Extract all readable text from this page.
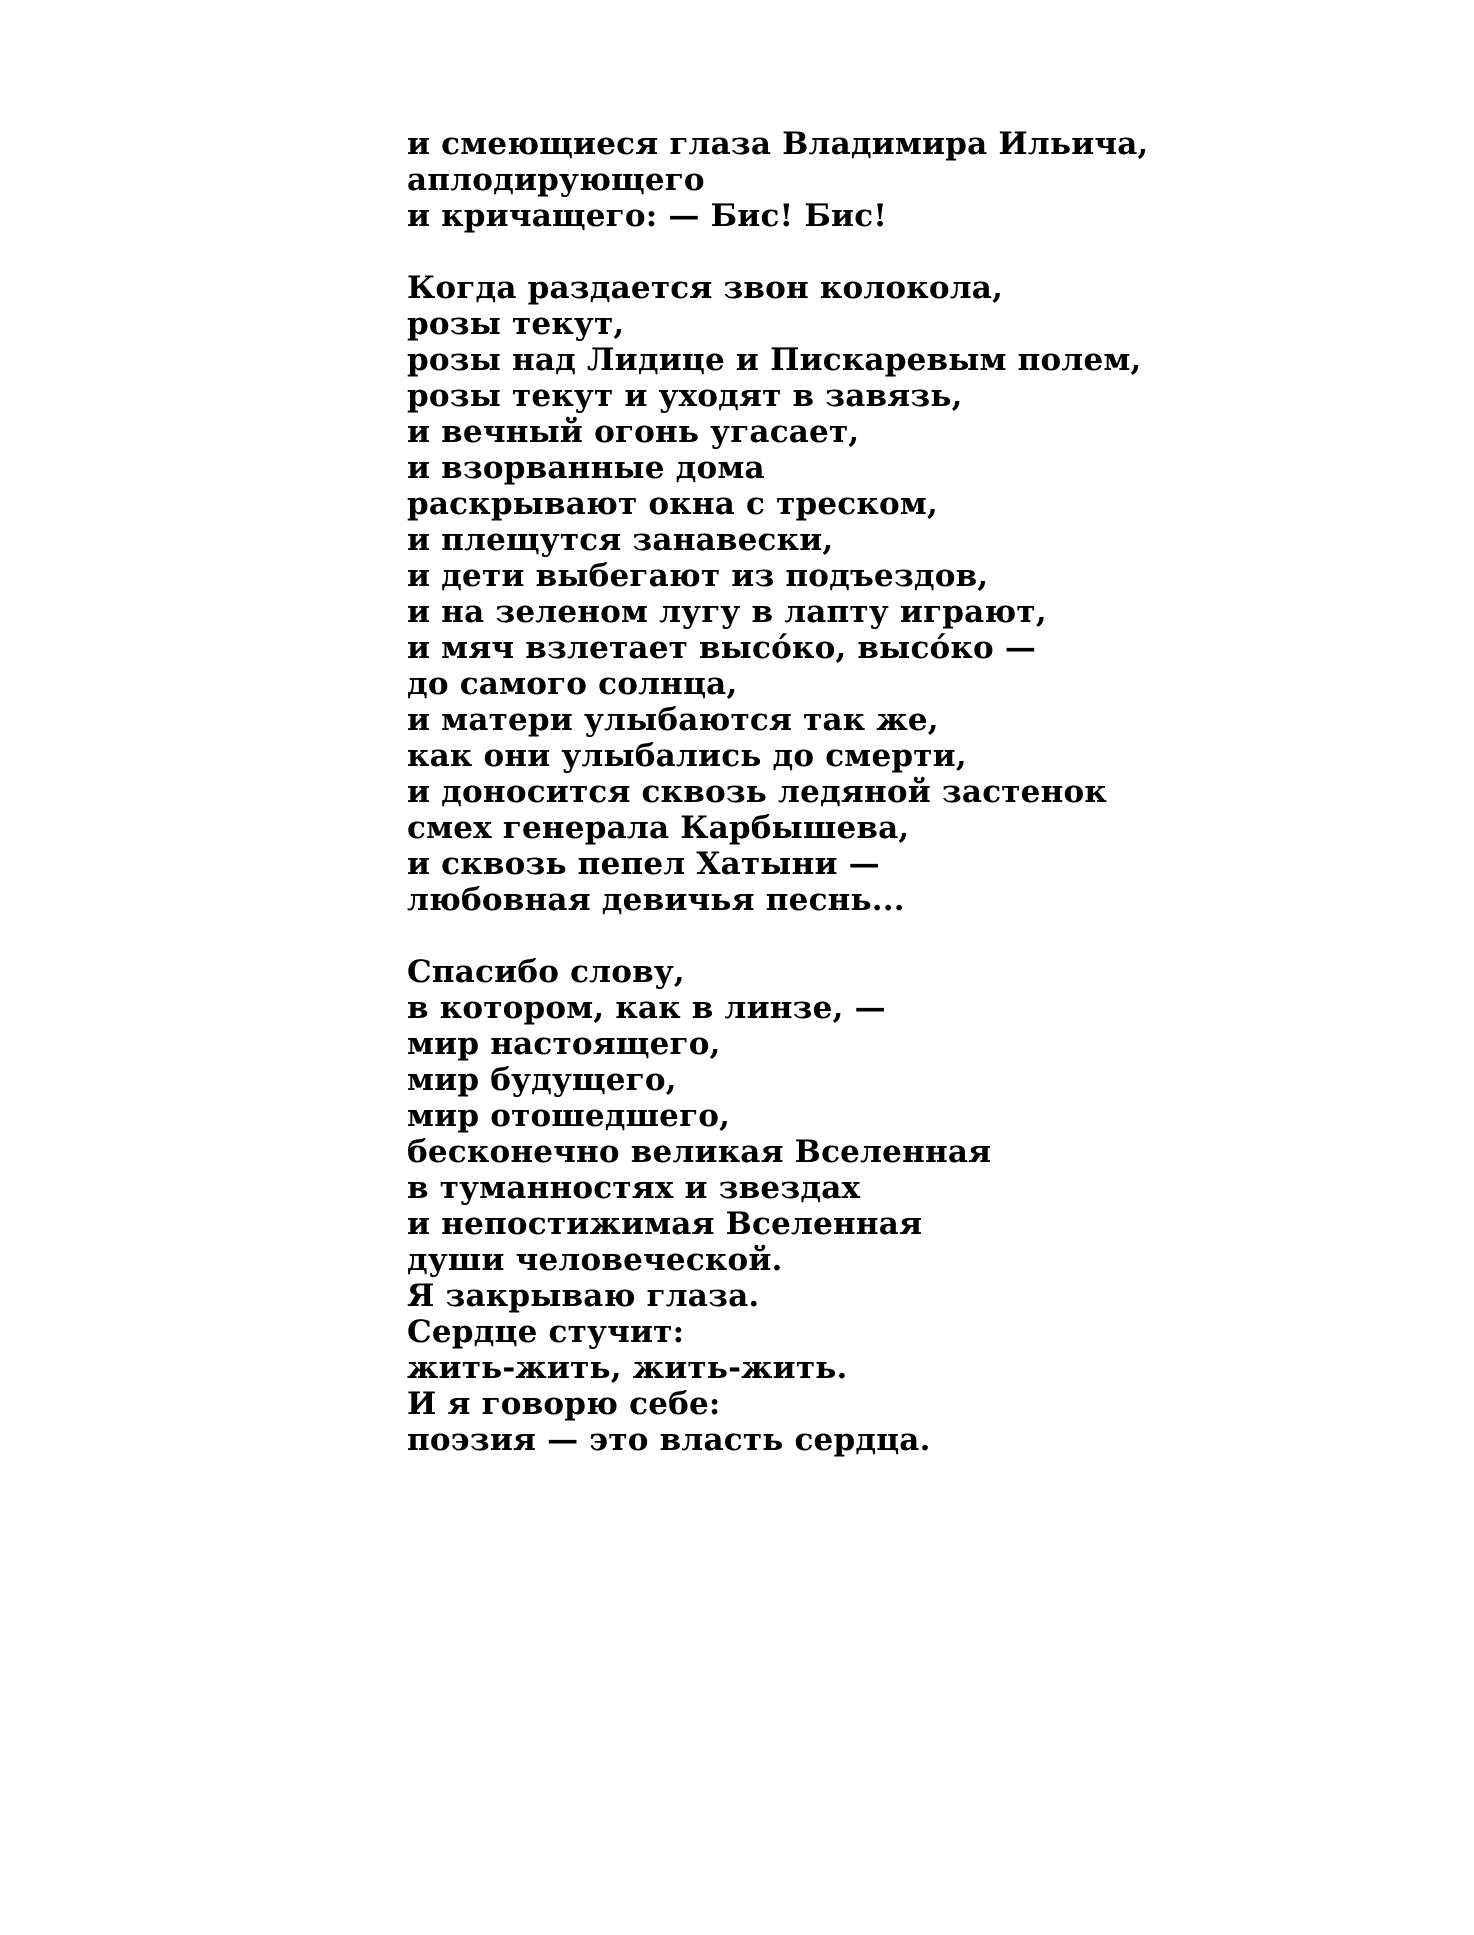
и смеющиеся глаза Владимира Ильича,
аплодирующего
и кричащего: — Бис! Бис!
Когда раздается звон колокола,
розы текут,
розы над Лидице и Пискаревым полем,
розы текут и уходят в завязь,
и вечный огонь угасает,
и взорванные дома
раскрывают окна с треском,
и плещутся занавески,
и дети выбегают из подъездов,
и на зеленом лугу в лапту играют,
и мяч взлетает высóко, высóко —
до самого солнца,
и матери улыбаются так же,
как они улыбались до смерти,
и доносится сквозь ледяной застенок
смех генерала Карбышева,
и сквозь пепел Хатыни —
любовная девичья песнь...
Спасибо слову,
в котором, как в линзе, —
мир настоящего,
мир будущего,
мир отошедшего,
бесконечно великая Вселенная
в туманностях и звездах
и непостижимая Вселенная
души человеческой.
Я закрываю глаза.
Сердце стучит:
жить-жить, жить-жить.
И я говорю себе:
поэзия — это власть сердца.
